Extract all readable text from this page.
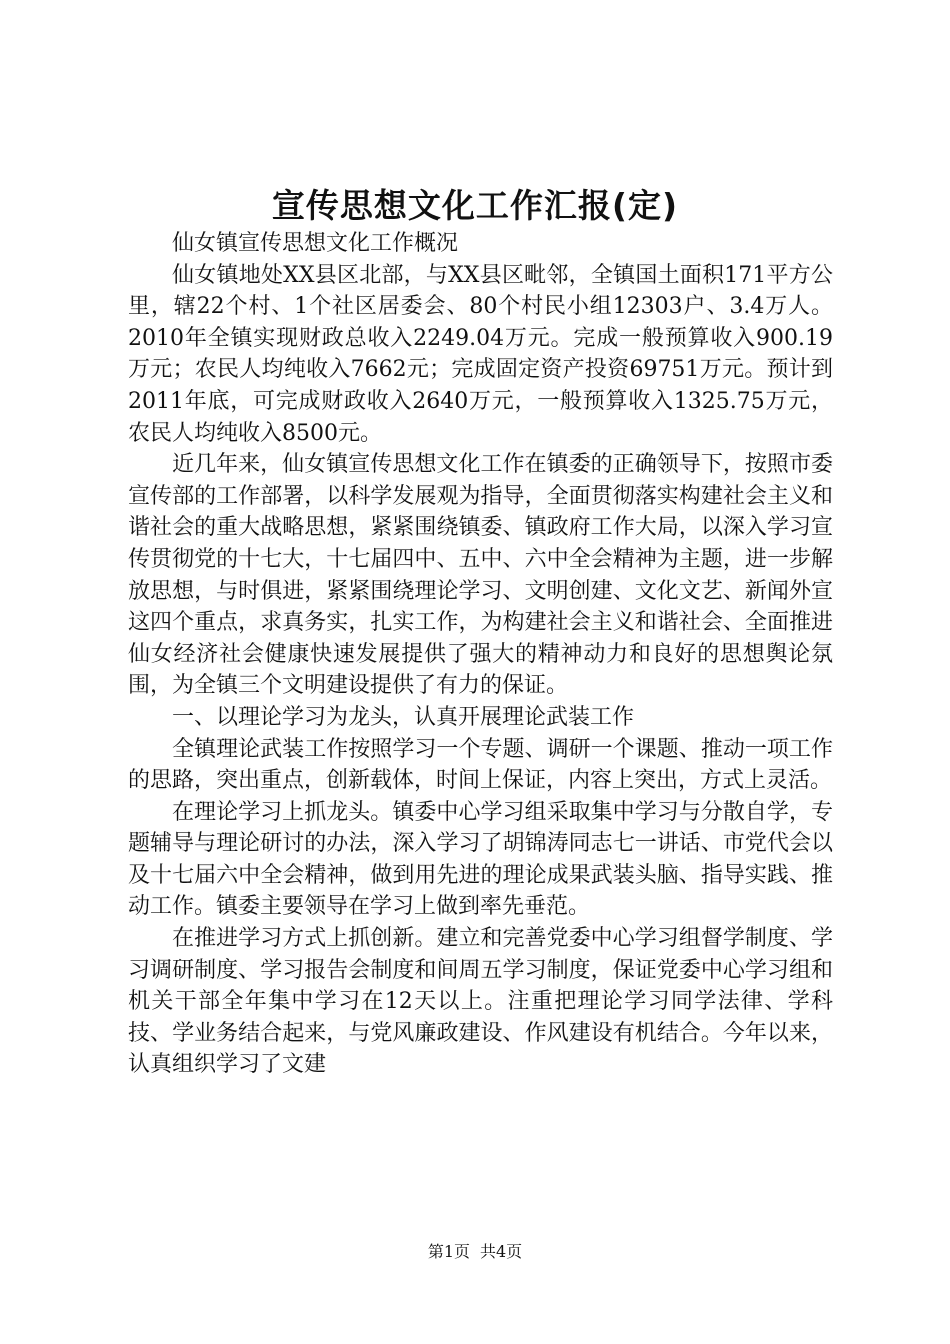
宣传思想文化工作汇报(定)

仙女镇宣传思想文化工作概况

仙女镇地处XX县区北部，与XX县区毗邻，全镇国土面积171平方公里，辖22个村、1个社区居委会、80个村民小组12303户、3.4万人。2010年全镇实现财政总收入2249.04万元。完成一般预算收入900.19万元；农民人均纯收入7662元；完成固定资产投资69751万元。预计到2011年底，可完成财政收入2640万元，一般预算收入1325.75万元，农民人均纯收入8500元。

近几年来，仙女镇宣传思想文化工作在镇委的正确领导下，按照市委宣传部的工作部署，以科学发展观为指导，全面贯彻落实构建社会主义和谐社会的重大战略思想，紧紧围绕镇委、镇政府工作大局，以深入学习宣传贯彻党的十七大，十七届四中、五中、六中全会精神为主题，进一步解放思想，与时俱进，紧紧围绕理论学习、文明创建、文化文艺、新闻外宣这四个重点，求真务实，扎实工作，为构建社会主义和谐社会、全面推进仙女经济社会健康快速发展提供了强大的精神动力和良好的思想舆论氛围，为全镇三个文明建设提供了有力的保证。

一、以理论学习为龙头，认真开展理论武装工作

全镇理论武装工作按照学习一个专题、调研一个课题、推动一项工作的思路，突出重点，创新载体，时间上保证，内容上突出，方式上灵活。

在理论学习上抓龙头。镇委中心学习组采取集中学习与分散自学，专题辅导与理论研讨的办法，深入学习了胡锦涛同志七一讲话、市党代会以及十七届六中全会精神，做到用先进的理论成果武装头脑、指导实践、推动工作。镇委主要领导在学习上做到率先垂范。

在推进学习方式上抓创新。建立和完善党委中心学习组督学制度、学习调研制度、学习报告会制度和间周五学习制度，保证党委中心学习组和机关干部全年集中学习在12天以上。注重把理论学习同学法律、学科技、学业务结合起来，与党风廉政建设、作风建设有机结合。今年以来，认真组织学习了文建

第1页 共4页
